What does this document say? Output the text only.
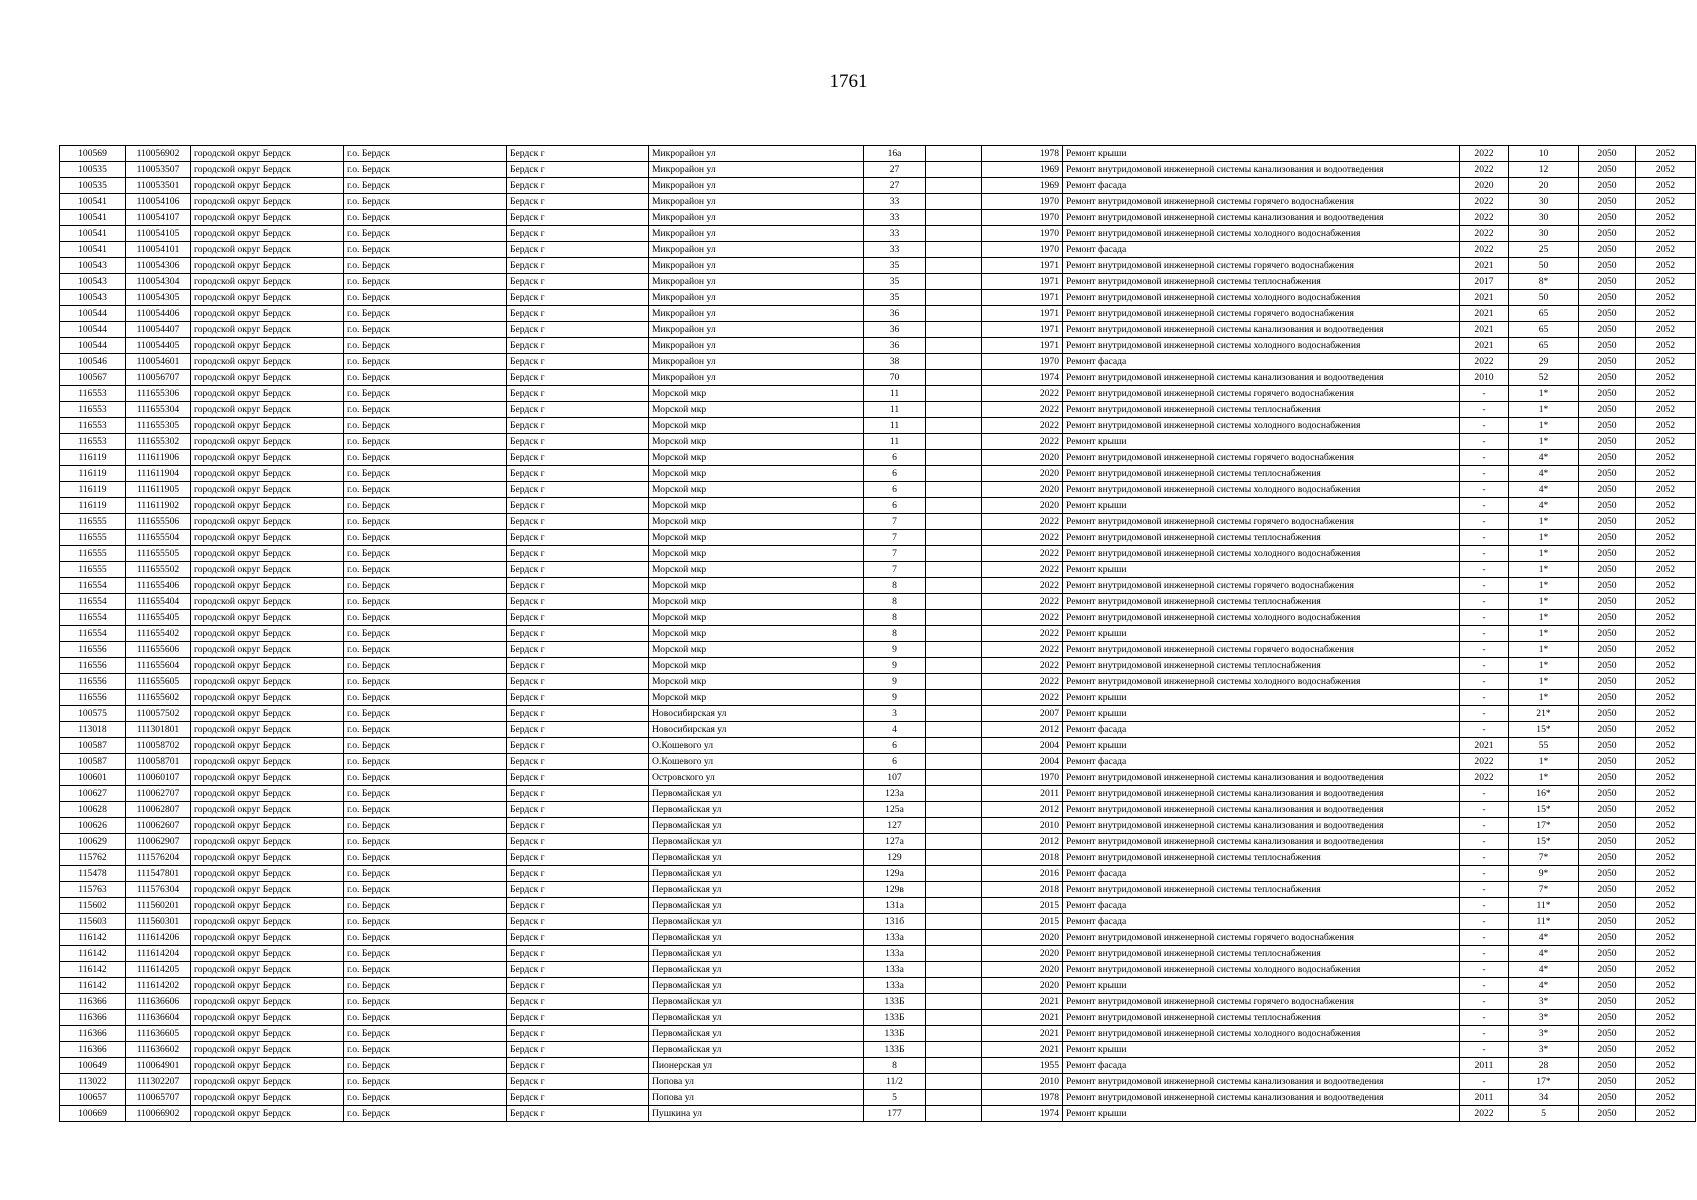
1761
100569	110056902	городской округ Бердск	г.о. Бердск	Бердск г	Микрорайон ул	16а		1978	Ремонт крыши	2022	10	2050	2052
100535	110053507	городской округ Бердск	г.о. Бердск	Бердск г	Микрорайон ул	27		1969	Ремонт внутридомовой инженерной системы канализования и водоотведения	2022	12	2050	2052
100535	110053501	городской округ Бердск	г.о. Бердск	Бердск г	Микрорайон ул	27		1969	Ремонт фасада	2020	20	2050	2052
100541	110054106	городской округ Бердск	г.о. Бердск	Бердск г	Микрорайон ул	33		1970	Ремонт внутридомовой инженерной системы горячего водоснабжения	2022	30	2050	2052
100541	110054107	городской округ Бердск	г.о. Бердск	Бердск г	Микрорайон ул	33		1970	Ремонт внутридомовой инженерной системы канализования и водоотведения	2022	30	2050	2052
100541	110054105	городской округ Бердск	г.о. Бердск	Бердск г	Микрорайон ул	33		1970	Ремонт внутридомовой инженерной системы холодного водоснабжения	2022	30	2050	2052
100541	110054101	городской округ Бердск	г.о. Бердск	Бердск г	Микрорайон ул	33		1970	Ремонт фасада	2022	25	2050	2052
100543	110054306	городской округ Бердск	г.о. Бердск	Бердск г	Микрорайон ул	35		1971	Ремонт внутридомовой инженерной системы горячего водоснабжения	2021	50	2050	2052
100543	110054304	городской округ Бердск	г.о. Бердск	Бердск г	Микрорайон ул	35		1971	Ремонт внутридомовой инженерной системы теплоснабжения	2017	8*	2050	2052
100543	110054305	городской округ Бердск	г.о. Бердск	Бердск г	Микрорайон ул	35		1971	Ремонт внутридомовой инженерной системы холодного водоснабжения	2021	50	2050	2052
100544	110054406	городской округ Бердск	г.о. Бердск	Бердск г	Микрорайон ул	36		1971	Ремонт внутридомовой инженерной системы горячего водоснабжения	2021	65	2050	2052
100544	110054407	городской округ Бердск	г.о. Бердск	Бердск г	Микрорайон ул	36		1971	Ремонт внутридомовой инженерной системы канализования и водоотведения	2021	65	2050	2052
100544	110054405	городской округ Бердск	г.о. Бердск	Бердск г	Микрорайон ул	36		1971	Ремонт внутридомовой инженерной системы холодного водоснабжения	2021	65	2050	2052
100546	110054601	городской округ Бердск	г.о. Бердск	Бердск г	Микрорайон ул	38		1970	Ремонт фасада	2022	29	2050	2052
100567	110056707	городской округ Бердск	г.о. Бердск	Бердск г	Микрорайон ул	70		1974	Ремонт внутридомовой инженерной системы канализования и водоотведения	2010	52	2050	2052
116553	111655306	городской округ Бердск	г.о. Бердск	Бердск г	Морской мкр	11		2022	Ремонт внутридомовой инженерной системы горячего водоснабжения	-	1*	2050	2052
116553	111655304	городской округ Бердск	г.о. Бердск	Бердск г	Морской мкр	11		2022	Ремонт внутридомовой инженерной системы теплоснабжения	-	1*	2050	2052
116553	111655305	городской округ Бердск	г.о. Бердск	Бердск г	Морской мкр	11		2022	Ремонт внутридомовой инженерной системы холодного водоснабжения	-	1*	2050	2052
116553	111655302	городской округ Бердск	г.о. Бердск	Бердск г	Морской мкр	11		2022	Ремонт крыши	-	1*	2050	2052
116119	111611906	городской округ Бердск	г.о. Бердск	Бердск г	Морской мкр	6		2020	Ремонт внутридомовой инженерной системы горячего водоснабжения	-	4*	2050	2052
116119	111611904	городской округ Бердск	г.о. Бердск	Бердск г	Морской мкр	6		2020	Ремонт внутридомовой инженерной системы теплоснабжения	-	4*	2050	2052
116119	111611905	городской округ Бердск	г.о. Бердск	Бердск г	Морской мкр	6		2020	Ремонт внутридомовой инженерной системы холодного водоснабжения	-	4*	2050	2052
116119	111611902	городской округ Бердск	г.о. Бердск	Бердск г	Морской мкр	6		2020	Ремонт крыши	-	4*	2050	2052
116555	111655506	городской округ Бердск	г.о. Бердск	Бердск г	Морской мкр	7		2022	Ремонт внутридомовой инженерной системы горячего водоснабжения	-	1*	2050	2052
116555	111655504	городской округ Бердск	г.о. Бердск	Бердск г	Морской мкр	7		2022	Ремонт внутридомовой инженерной системы теплоснабжения	-	1*	2050	2052
116555	111655505	городской округ Бердск	г.о. Бердск	Бердск г	Морской мкр	7		2022	Ремонт внутридомовой инженерной системы холодного водоснабжения	-	1*	2050	2052
116555	111655502	городской округ Бердск	г.о. Бердск	Бердск г	Морской мкр	7		2022	Ремонт крыши	-	1*	2050	2052
116554	111655406	городской округ Бердск	г.о. Бердск	Бердск г	Морской мкр	8		2022	Ремонт внутридомовой инженерной системы горячего водоснабжения	-	1*	2050	2052
116554	111655404	городской округ Бердск	г.о. Бердск	Бердск г	Морской мкр	8		2022	Ремонт внутридомовой инженерной системы теплоснабжения	-	1*	2050	2052
116554	111655405	городской округ Бердск	г.о. Бердск	Бердск г	Морской мкр	8		2022	Ремонт внутридомовой инженерной системы холодного водоснабжения	-	1*	2050	2052
116554	111655402	городской округ Бердск	г.о. Бердск	Бердск г	Морской мкр	8		2022	Ремонт крыши	-	1*	2050	2052
116556	111655606	городской округ Бердск	г.о. Бердск	Бердск г	Морской мкр	9		2022	Ремонт внутридомовой инженерной системы горячего водоснабжения	-	1*	2050	2052
116556	111655604	городской округ Бердск	г.о. Бердск	Бердск г	Морской мкр	9		2022	Ремонт внутридомовой инженерной системы теплоснабжения	-	1*	2050	2052
116556	111655605	городской округ Бердск	г.о. Бердск	Бердск г	Морской мкр	9		2022	Ремонт внутридомовой инженерной системы холодного водоснабжения	-	1*	2050	2052
116556	111655602	городской округ Бердск	г.о. Бердск	Бердск г	Морской мкр	9		2022	Ремонт крыши	-	1*	2050	2052
100575	110057502	городской округ Бердск	г.о. Бердск	Бердск г	Новосибирская ул	3		2007	Ремонт крыши	-	21*	2050	2052
113018	111301801	городской округ Бердск	г.о. Бердск	Бердск г	Новосибирская ул	4		2012	Ремонт фасада	-	15*	2050	2052
100587	110058702	городской округ Бердск	г.о. Бердск	Бердск г	О.Кошевого ул	6		2004	Ремонт крыши	2021	55	2050	2052
100587	110058701	городской округ Бердск	г.о. Бердск	Бердск г	О.Кошевого ул	6		2004	Ремонт фасада	2022	1*	2050	2052
100601	110060107	городской округ Бердск	г.о. Бердск	Бердск г	Островского ул	107		1970	Ремонт внутридомовой инженерной системы канализования и водоотведения	2022	1*	2050	2052
100627	110062707	городской округ Бердск	г.о. Бердск	Бердск г	Первомайская ул	123а		2011	Ремонт внутридомовой инженерной системы канализования и водоотведения	-	16*	2050	2052
100628	110062807	городской округ Бердск	г.о. Бердск	Бердск г	Первомайская ул	125а		2012	Ремонт внутридомовой инженерной системы канализования и водоотведения	-	15*	2050	2052
100626	110062607	городской округ Бердск	г.о. Бердск	Бердск г	Первомайская ул	127		2010	Ремонт внутридомовой инженерной системы канализования и водоотведения	-	17*	2050	2052
100629	110062907	городской округ Бердск	г.о. Бердск	Бердск г	Первомайская ул	127а		2012	Ремонт внутридомовой инженерной системы канализования и водоотведения	-	15*	2050	2052
115762	111576204	городской округ Бердск	г.о. Бердск	Бердск г	Первомайская ул	129		2018	Ремонт внутридомовой инженерной системы теплоснабжения	-	7*	2050	2052
115478	111547801	городской округ Бердск	г.о. Бердск	Бердск г	Первомайская ул	129а		2016	Ремонт фасада	-	9*	2050	2052
115763	111576304	городской округ Бердск	г.о. Бердск	Бердск г	Первомайская ул	129в		2018	Ремонт внутридомовой инженерной системы теплоснабжения	-	7*	2050	2052
115602	111560201	городской округ Бердск	г.о. Бердск	Бердск г	Первомайская ул	131а		2015	Ремонт фасада	-	11*	2050	2052
115603	111560301	городской округ Бердск	г.о. Бердск	Бердск г	Первомайская ул	131б		2015	Ремонт фасада	-	11*	2050	2052
116142	111614206	городской округ Бердск	г.о. Бердск	Бердск г	Первомайская ул	133а		2020	Ремонт внутридомовой инженерной системы горячего водоснабжения	-	4*	2050	2052
116142	111614204	городской округ Бердск	г.о. Бердск	Бердск г	Первомайская ул	133а		2020	Ремонт внутридомовой инженерной системы теплоснабжения	-	4*	2050	2052
116142	111614205	городской округ Бердск	г.о. Бердск	Бердск г	Первомайская ул	133а		2020	Ремонт внутридомовой инженерной системы холодного водоснабжения	-	4*	2050	2052
116142	111614202	городской округ Бердск	г.о. Бердск	Бердск г	Первомайская ул	133а		2020	Ремонт крыши	-	4*	2050	2052
116366	111636606	городской округ Бердск	г.о. Бердск	Бердск г	Первомайская ул	133Б		2021	Ремонт внутридомовой инженерной системы горячего водоснабжения	-	3*	2050	2052
116366	111636604	городской округ Бердск	г.о. Бердск	Бердск г	Первомайская ул	133Б		2021	Ремонт внутридомовой инженерной системы теплоснабжения	-	3*	2050	2052
116366	111636605	городской округ Бердск	г.о. Бердск	Бердск г	Первомайская ул	133Б		2021	Ремонт внутридомовой инженерной системы холодного водоснабжения	-	3*	2050	2052
116366	111636602	городской округ Бердск	г.о. Бердск	Бердск г	Первомайская ул	133Б		2021	Ремонт крыши	-	3*	2050	2052
100649	110064901	городской округ Бердск	г.о. Бердск	Бердск г	Пионерская ул	8		1955	Ремонт фасада	2011	28	2050	2052
113022	111302207	городской округ Бердск	г.о. Бердск	Бердск г	Попова ул	11/2		2010	Ремонт внутридомовой инженерной системы канализования и водоотведения	-	17*	2050	2052
100657	110065707	городской округ Бердск	г.о. Бердск	Бердск г	Попова ул	5		1978	Ремонт внутридомовой инженерной системы канализования и водоотведения	2011	34	2050	2052
100669	110066902	городской округ Бердск	г.о. Бердск	Бердск г	Пушкина ул	177		1974	Ремонт крыши	2022	5	2050	2052
